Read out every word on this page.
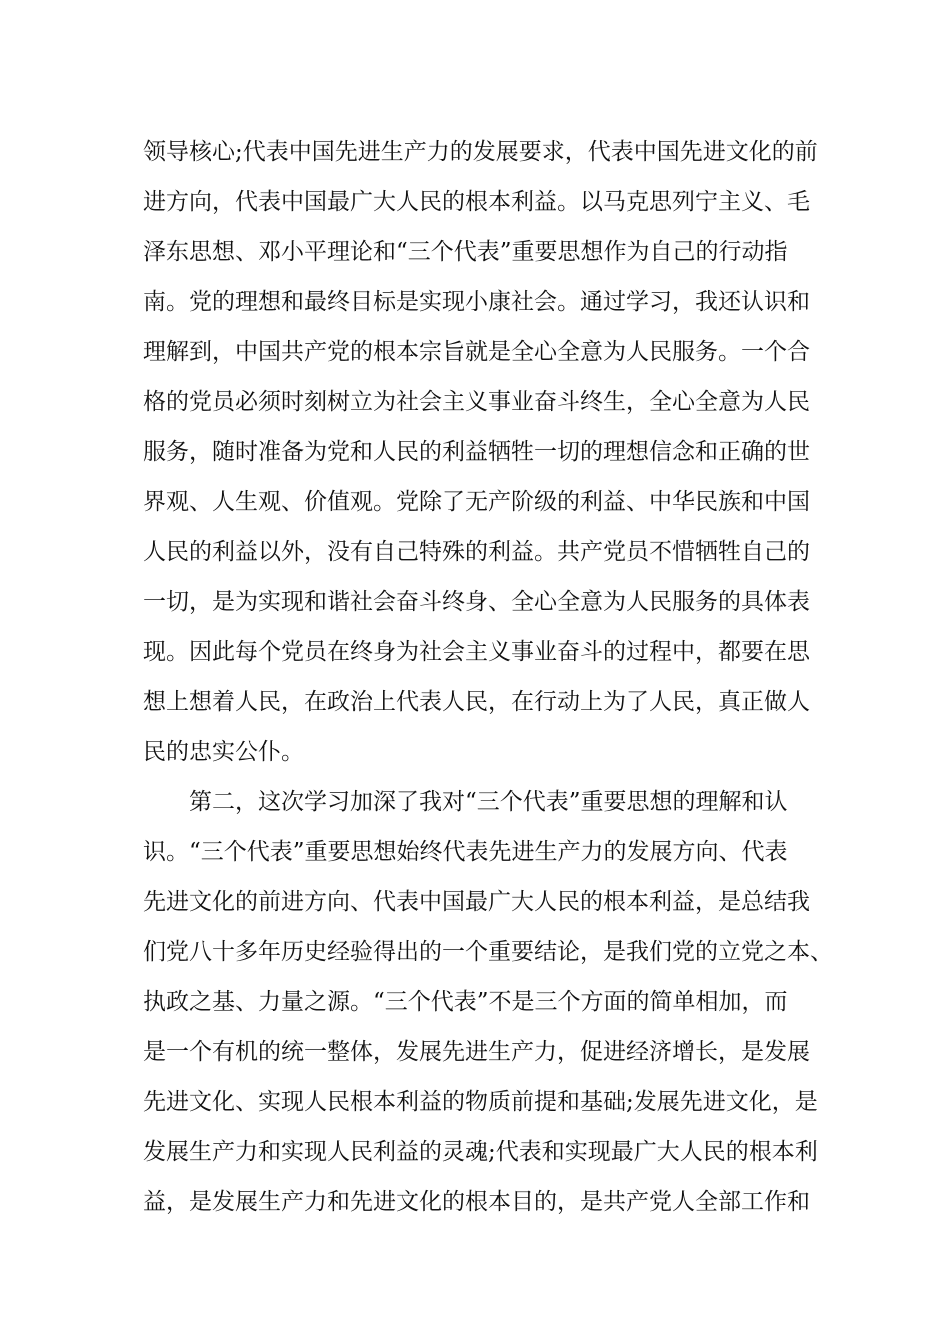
领导核心;代表中国先进生产力的发展要求，代表中国先进文化的前
进方向，代表中国最广大人民的根本利益。以马克思列宁主义、毛
泽东思想、邓小平理论和“三个代表”重要思想作为自己的行动指
南。党的理想和最终目标是实现小康社会。通过学习，我还认识和
理解到，中国共产党的根本宗旨就是全心全意为人民服务。一个合
格的党员必须时刻树立为社会主义事业奋斗终生，全心全意为人民
服务，随时准备为党和人民的利益牺牲一切的理想信念和正确的世
界观、人生观、价值观。党除了无产阶级的利益、中华民族和中国
人民的利益以外，没有自己特殊的利益。共产党员不惜牺牲自己的
一切，是为实现和谐社会奋斗终身、全心全意为人民服务的具体表
现。因此每个党员在终身为社会主义事业奋斗的过程中，都要在思
想上想着人民，在政治上代表人民，在行动上为了人民，真正做人
民的忠实公仆。
第二，这次学习加深了我对“三个代表”重要思想的理解和认
识。“三个代表”重要思想始终代表先进生产力的发展方向、代表
先进文化的前进方向、代表中国最广大人民的根本利益，是总结我
们党八十多年历史经验得出的一个重要结论，是我们党的立党之本、
执政之基、力量之源。“三个代表”不是三个方面的简单相加，而
是一个有机的统一整体，发展先进生产力，促进经济增长，是发展
先进文化、实现人民根本利益的物质前提和基础;发展先进文化，是
发展生产力和实现人民利益的灵魂;代表和实现最广大人民的根本利
益，是发展生产力和先进文化的根本目的，是共产党人全部工作和
